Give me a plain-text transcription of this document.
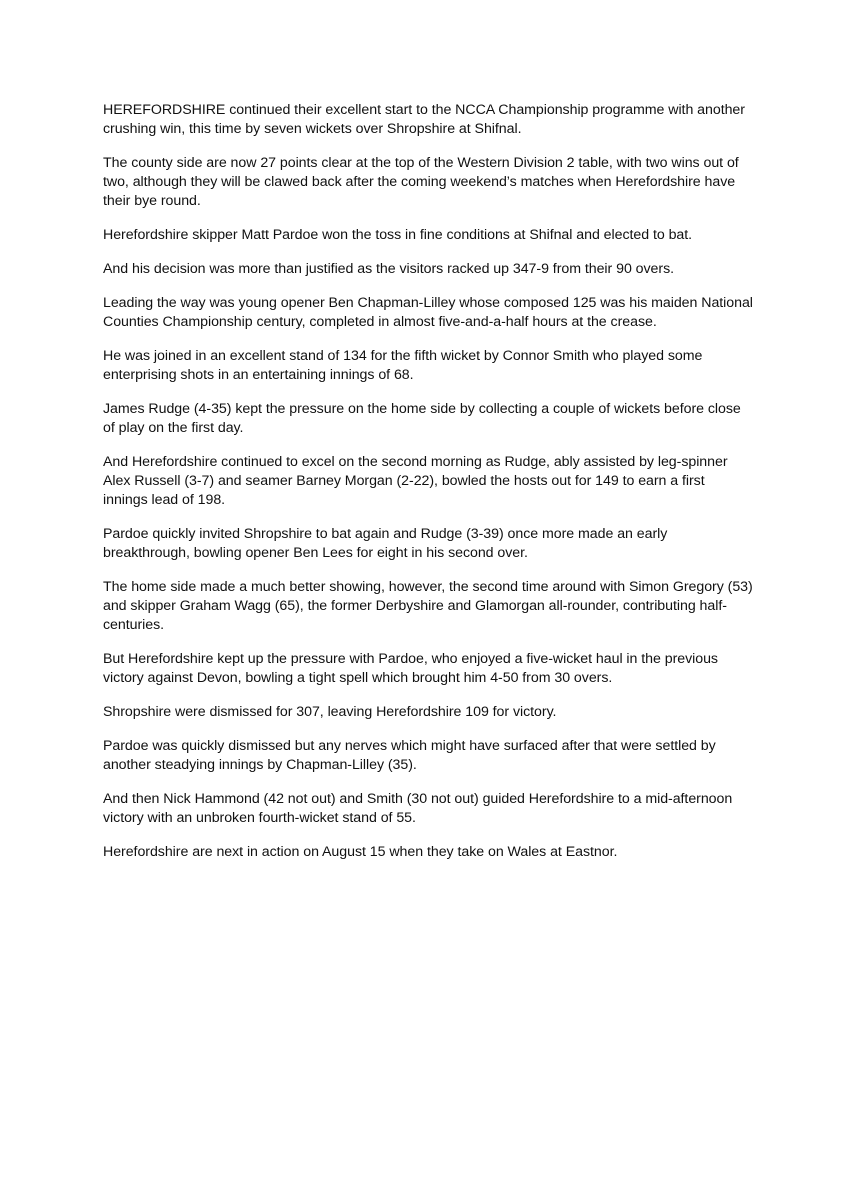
HEREFORDSHIRE continued their excellent start to the NCCA Championship programme with another crushing win, this time by seven wickets over Shropshire at Shifnal.

The county side are now 27 points clear at the top of the Western Division 2 table, with two wins out of two, although they will be clawed back after the coming weekend’s matches when Herefordshire have their bye round.

Herefordshire skipper Matt Pardoe won the toss in fine conditions at Shifnal and elected to bat.

And his decision was more than justified as the visitors racked up 347-9 from their 90 overs.

Leading the way was young opener Ben Chapman-Lilley whose composed 125 was his maiden National Counties Championship century, completed in almost five-and-a-half hours at the crease.

He was joined in an excellent stand of 134 for the fifth wicket by Connor Smith who played some enterprising shots in an entertaining innings of 68.

James Rudge (4-35) kept the pressure on the home side by collecting a couple of wickets before close of play on the first day.

And Herefordshire continued to excel on the second morning as Rudge, ably assisted by leg-spinner Alex Russell (3-7) and seamer Barney Morgan (2-22), bowled the hosts out for 149 to earn a first innings lead of 198.

Pardoe quickly invited Shropshire to bat again and Rudge (3-39) once more made an early breakthrough, bowling opener Ben Lees for eight in his second over.

The home side made a much better showing, however, the second time around with Simon Gregory (53) and skipper Graham Wagg (65), the former Derbyshire and Glamorgan all-rounder, contributing half-centuries.

But Herefordshire kept up the pressure with Pardoe, who enjoyed a five-wicket haul in the previous victory against Devon, bowling a tight spell which brought him 4-50 from 30 overs.

Shropshire were dismissed for 307, leaving Herefordshire 109 for victory.

Pardoe was quickly dismissed but any nerves which might have surfaced after that were settled by another steadying innings by Chapman-Lilley (35).

And then Nick Hammond (42 not out) and Smith (30 not out) guided Herefordshire to a mid-afternoon victory with an unbroken fourth-wicket stand of 55.

Herefordshire are next in action on August 15 when they take on Wales at Eastnor.
